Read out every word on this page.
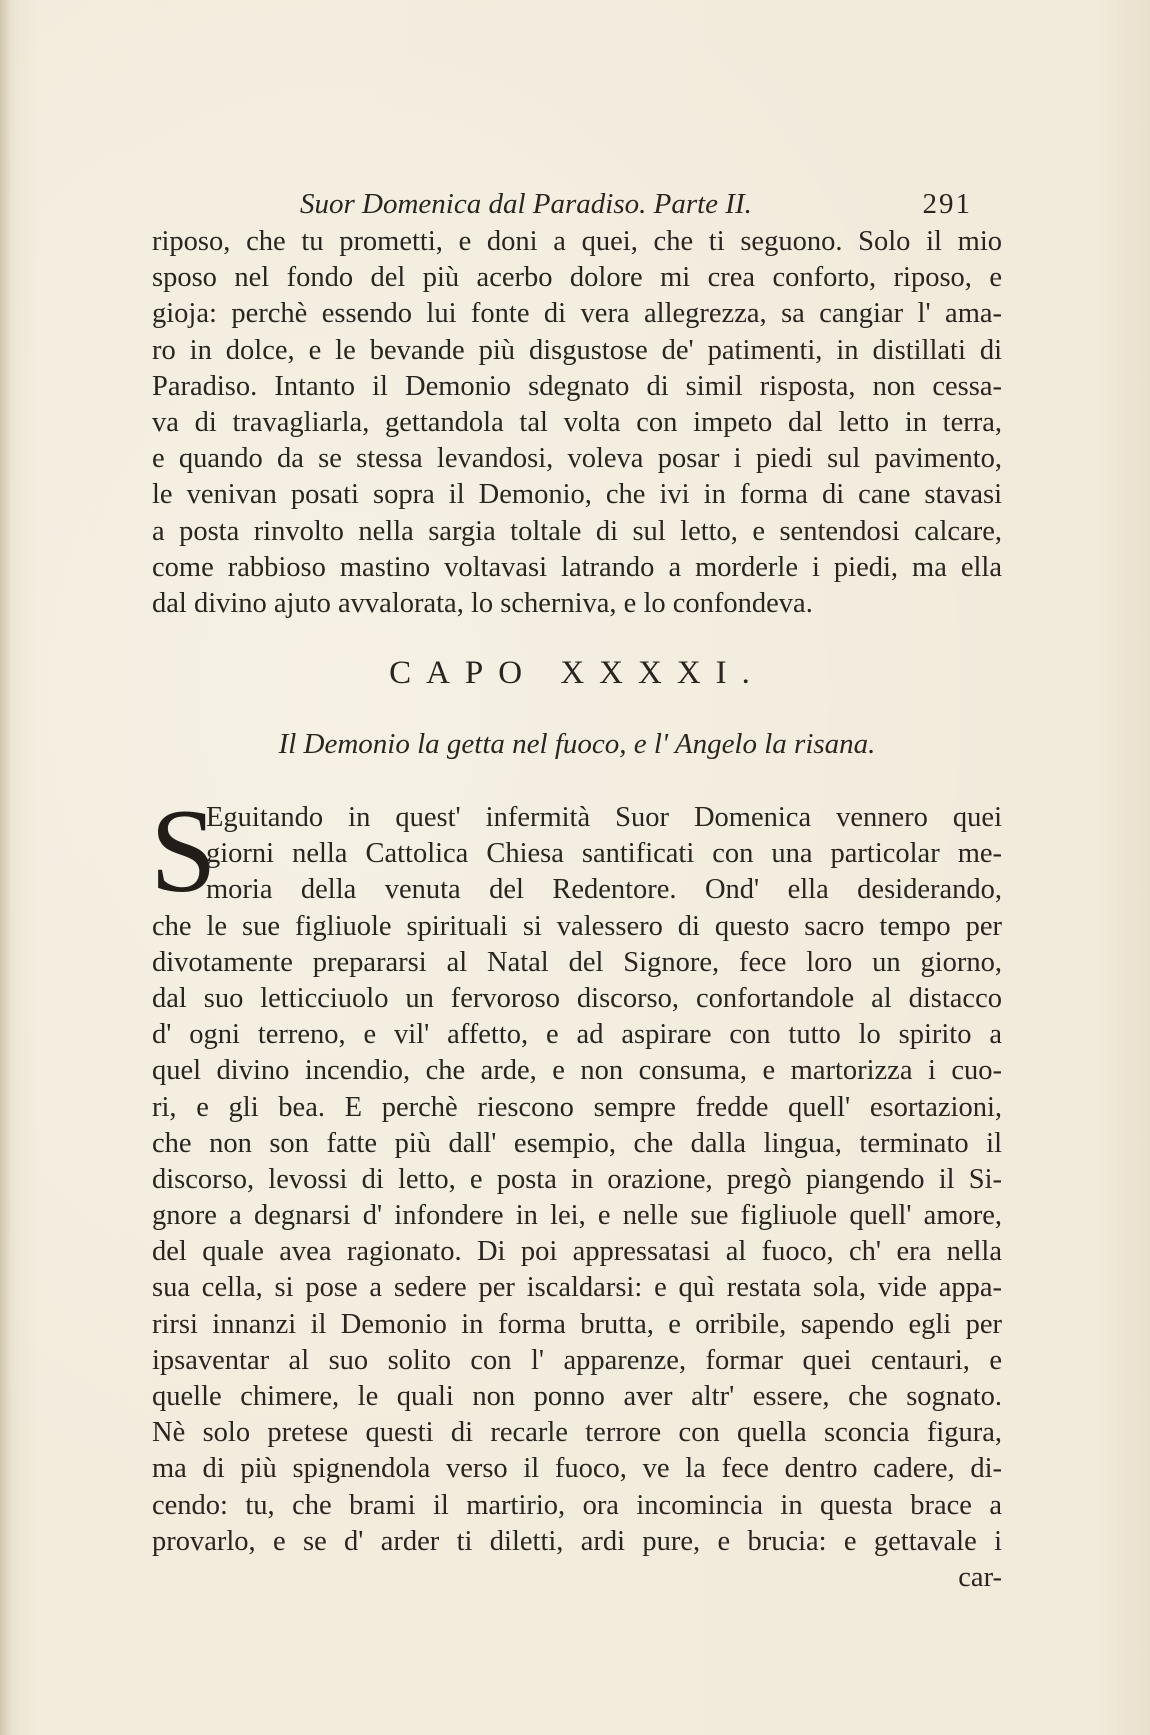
Suor Domenica dal Paradiso. Parte II.	291
riposo, che tu prometti, e doni a quei, che ti seguono. Solo il mio
sposo nel fondo del più acerbo dolore mi crea conforto, riposo, e
gioja: perchè essendo lui fonte di vera allegrezza, sa cangiar l' ama-
ro in dolce, e le bevande più disgustose de' patimenti, in distillati di
Paradiso. Intanto il Demonio sdegnato di simil risposta, non cessa-
va di travagliarla, gettandola tal volta con impeto dal letto in terra,
e quando da se stessa levandosi, voleva posar i piedi sul pavimento,
le venivan posati sopra il Demonio, che ivi in forma di cane stavasi
a posta rinvolto nella sargia toltale di sul letto, e sentendosi calcare,
come rabbioso mastino voltavasi latrando a morderle i piedi, ma ella
dal divino ajuto avvalorata, lo scherniva, e lo confondeva.
CAPO XXXXI.
Il Demonio la getta nel fuoco, e l' Angelo la risana.
S
Eguitando in quest' infermità Suor Domenica vennero quei
giorni nella Cattolica Chiesa santificati con una particolar me-
moria della venuta del Redentore. Ond' ella desiderando,
che le sue figliuole spirituali si valessero di questo sacro tempo per
divotamente prepararsi al Natal del Signore, fece loro un giorno,
dal suo letticciuolo un fervoroso discorso, confortandole al distacco
d' ogni terreno, e vil' affetto, e ad aspirare con tutto lo spirito a
quel divino incendio, che arde, e non consuma, e martorizza i cuo-
ri, e gli bea. E perchè riescono sempre fredde quell' esortazioni,
che non son fatte più dall' esempio, che dalla lingua, terminato il
discorso, levossi di letto, e posta in orazione, pregò piangendo il Si-
gnore a degnarsi d' infondere in lei, e nelle sue figliuole quell' amore,
del quale avea ragionato. Di poi appressatasi al fuoco, ch' era nella
sua cella, si pose a sedere per iscaldarsi: e quì restata sola, vide appa-
rirsi innanzi il Demonio in forma brutta, e orribile, sapendo egli per
ipsaventar al suo solito con l' apparenze, formar quei centauri, e
quelle chimere, le quali non ponno aver altr' essere, che sognato.
Nè solo pretese questi di recarle terrore con quella sconcia figura,
ma di più spignendola verso il fuoco, ve la fece dentro cadere, di-
cendo: tu, che brami il martirio, ora incomincia in questa brace a
provarlo, e se d' arder ti diletti, ardi pure, e brucia: e gettavale i
car-
